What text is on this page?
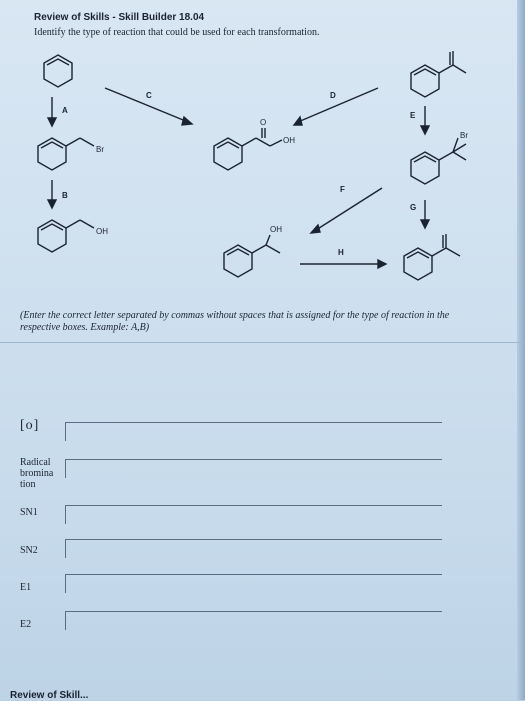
Review of Skills - Skill Builder 18.04
Identify the type of reaction that could be used for each transformation.
A
B
C	D
E
F
G
H
Br
OH
O
OH
OH
Br
(Enter the correct letter separated by commas without spaces that is assigned for the type of reaction in the respective boxes. Example: A,B)
[o]
Radical bromina tion
SN1
SN2
E1
E2
Review of Skill...
